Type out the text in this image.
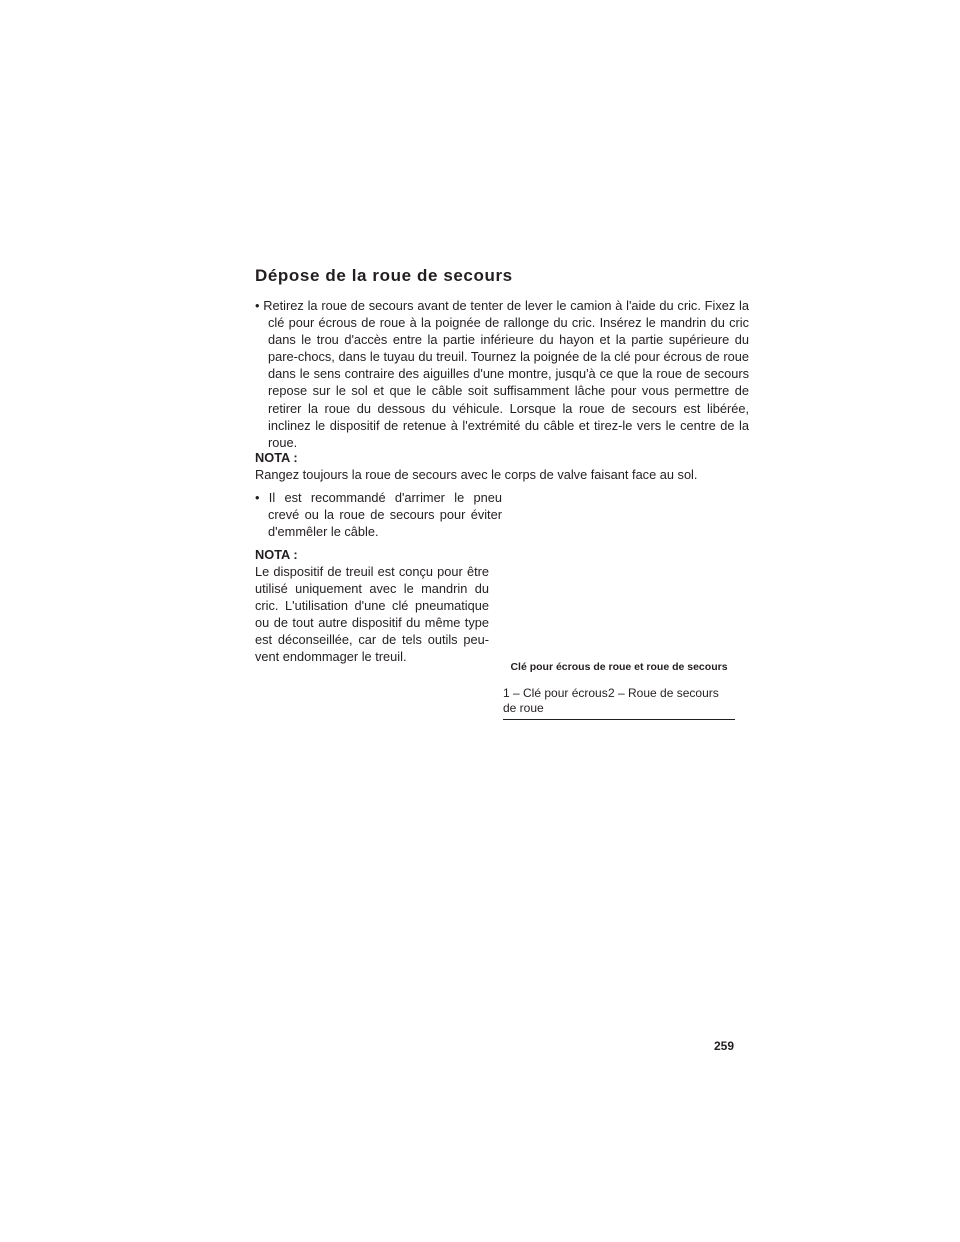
Dépose de la roue de secours

• Retirez la roue de secours avant de tenter de lever le camion à l'aide du cric. Fixez la clé pour écrous de roue à la poignée de rallonge du cric. Insérez le mandrin du cric dans le trou d'accès entre la partie inférieure du hayon et la partie supérieure du pare-chocs, dans le tuyau du treuil. Tournez la poignée de la clé pour écrous de roue dans le sens contraire des aiguilles d'une montre, jusqu'à ce que la roue de secours repose sur le sol et que le câble soit suffisamment lâche pour vous permettre de retirer la roue du dessous du véhicule. Lorsque la roue de secours est libérée, inclinez le dispositif de retenue à l'extrémité du câble et tirez-le vers le centre de la roue.

NOTA :

Rangez toujours la roue de secours avec le corps de valve faisant face au sol.

• Il est recommandé d'arrimer le pneu crevé ou la roue de secours pour éviter d'emmêler le câble.

NOTA :

Le dispositif de treuil est conçu pour être utilisé uniquement avec le mandrin du cric. L'utilisation d'une clé pneumatique ou de tout autre dispositif du même type est déconseillée, car de tels outils peu-vent endommager le treuil.

Clé pour écrous de roue et roue de secours

1 – Clé pour écrous de roue
2 – Roue de secours
259
